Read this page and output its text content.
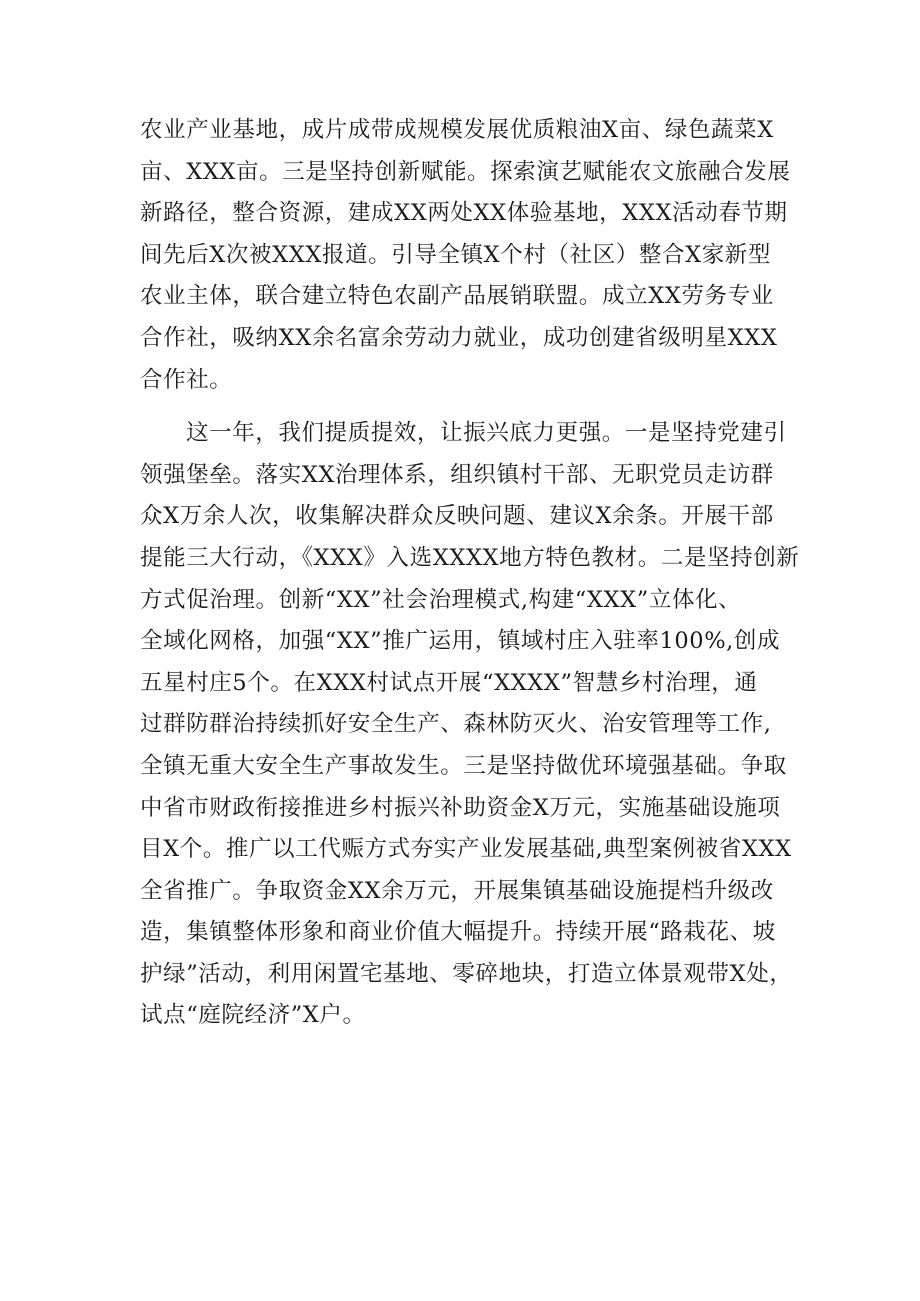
农业产业基地，成片成带成规模发展优质粮油X亩、绿色蔬菜X
亩、XXX亩。三是坚持创新赋能。探索演艺赋能农文旅融合发展
新路径，整合资源，建成XX两处XX体验基地，XXX活动春节期
间先后X次被XXX报道。引导全镇X个村（社区）整合X家新型
农业主体，联合建立特色农副产品展销联盟。成立XX劳务专业
合作社，吸纳XX余名富余劳动力就业，成功创建省级明星XXX
合作社。
这一年，我们提质提效，让振兴底力更强。一是坚持党建引
领强堡垒。落实XX治理体系，组织镇村干部、无职党员走访群
众X万余人次，收集解决群众反映问题、建议X余条。开展干部
提能三大行动，《XXX》入选XXXX地方特色教材。二是坚持创新
方式促治理。创新“XX”社会治理模式,构建“XXX”立体化、
全域化网格，加强“XX”推广运用，镇域村庄入驻率100%,创成
五星村庄5个。在XXX村试点开展“XXXX”智慧乡村治理，通
过群防群治持续抓好安全生产、森林防灭火、治安管理等工作,
全镇无重大安全生产事故发生。三是坚持做优环境强基础。争取
中省市财政衔接推进乡村振兴补助资金X万元，实施基础设施项
目X个。推广以工代赈方式夯实产业发展基础,典型案例被省XXX
全省推广。争取资金XX余万元，开展集镇基础设施提档升级改
造，集镇整体形象和商业价值大幅提升。持续开展“路栽花、坡
护绿”活动，利用闲置宅基地、零碎地块，打造立体景观带X处，
试点“庭院经济”X户。
